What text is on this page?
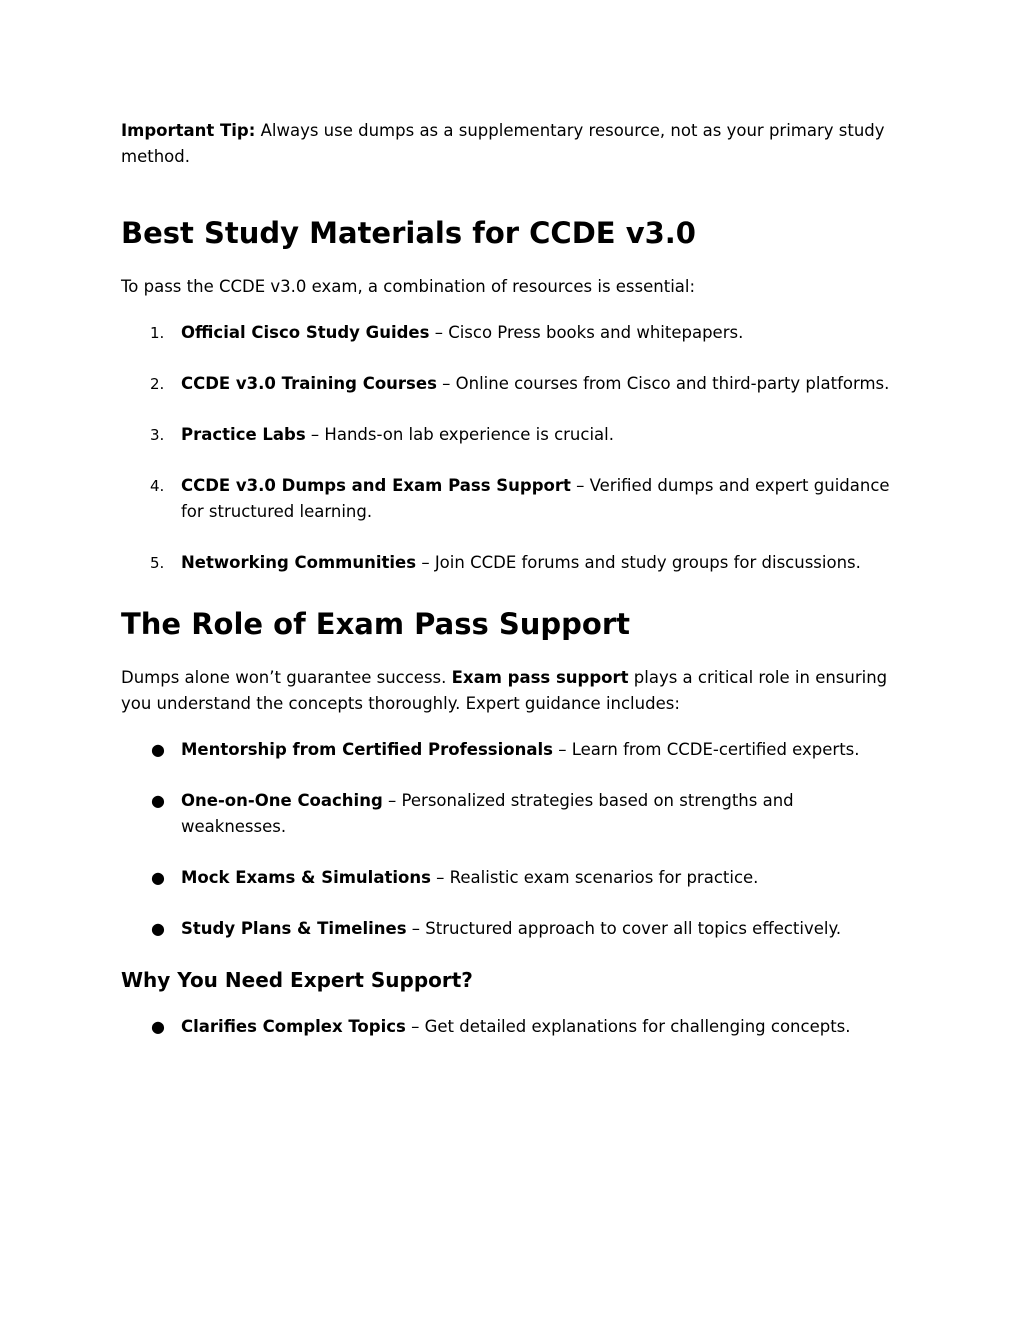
Important Tip: Always use dumps as a supplementary resource, not as your primary study method.

Best Study Materials for CCDE v3.0

To pass the CCDE v3.0 exam, a combination of resources is essential:

1. Official Cisco Study Guides – Cisco Press books and whitepapers.
2. CCDE v3.0 Training Courses – Online courses from Cisco and third-party platforms.
3. Practice Labs – Hands-on lab experience is crucial.
4. CCDE v3.0 Dumps and Exam Pass Support – Verified dumps and expert guidance for structured learning.
5. Networking Communities – Join CCDE forums and study groups for discussions.
The Role of Exam Pass Support

Dumps alone won’t guarantee success. Exam pass support plays a critical role in ensuring you understand the concepts thoroughly. Expert guidance includes:

● Mentorship from Certified Professionals – Learn from CCDE-certified experts.
● One-on-One Coaching – Personalized strategies based on strengths and weaknesses.
● Mock Exams & Simulations – Realistic exam scenarios for practice.
● Study Plans & Timelines – Structured approach to cover all topics effectively.
Why You Need Expert Support?
● Clarifies Complex Topics – Get detailed explanations for challenging concepts.
